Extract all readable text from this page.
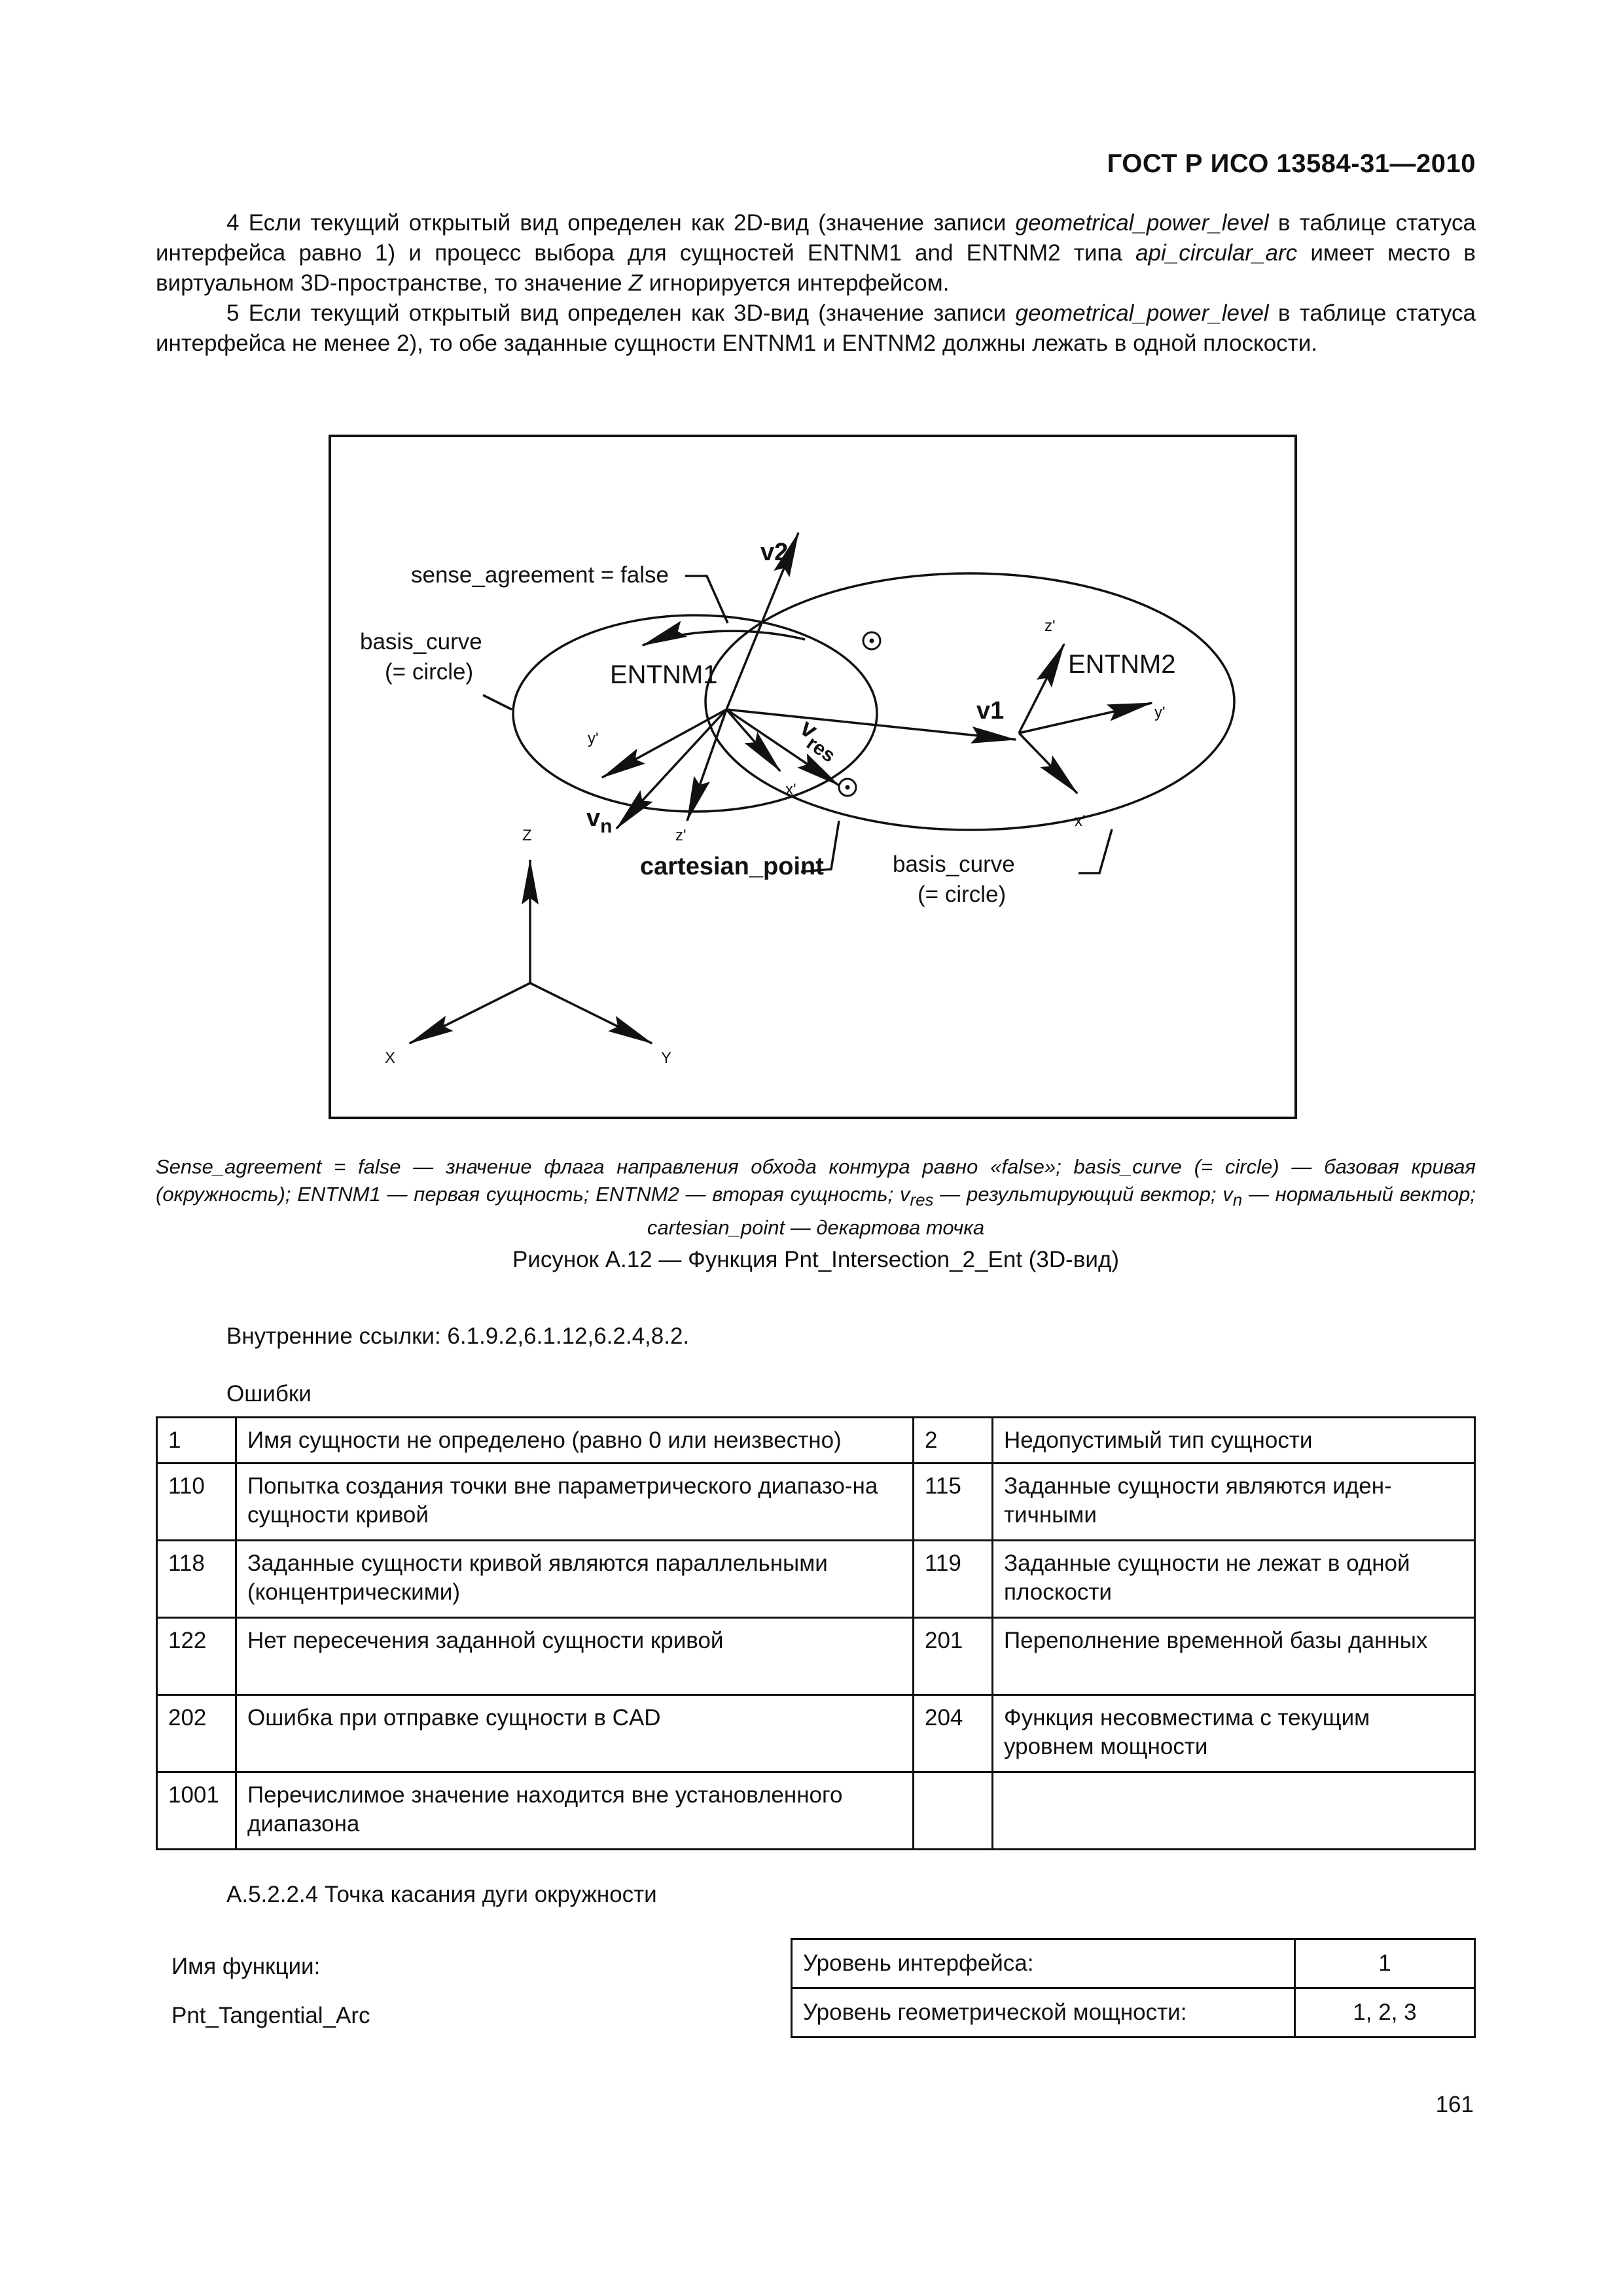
ГОСТ Р ИСО 13584-31—2010

4 Если текущий открытый вид определен как 2D-вид (значение записи geometrical_power_level в таблице статуса интерфейса равно 1) и процесс выбора для сущностей ENTNM1 and ENTNM2 типа api_circular_arc имеет место в виртуальном 3D-пространстве, то значение Z игнорируется интерфейсом.

5 Если текущий открытый вид определен как 3D-вид (значение записи geometrical_power_level в таблице статуса интерфейса не менее 2), то обе заданные сущности ENTNM1 и ENTNM2 должны лежать в одной плоскости.

sense_agreement = false
basis_curve
(= circle)	ENTNM1	ENTNM2
v2
v1
$v_{res}$
$v_n$
cartesian_point	basis_curve
(= circle)
y'
x'
z'
z'
y'
x'
Z
X	Y
Sense_agreement = false — значение флага направления обхода контура равно «false»; basis_curve (= circle) — базовая кривая (окружность); ENTNM1 — первая сущность; ENTNM2 — вторая сущность; $v_{res}$ — результирующий вектор; $v_n$ — нормальный вектор; cartesian_point — декартова точка
Рисунок A.12 — Функция Pnt_Intersection_2_Ent (3D-вид)
Внутренние ссылки: 6.1.9.2,6.1.12,6.2.4,8.2.
Ошибки
1	Имя сущности не определено (равно 0 или неизвестно)	2	Недопустимый тип сущности
110	Попытка создания точки вне параметрического диапазо-на сущности кривой	115	Заданные сущности являются иден-тичными
118	Заданные сущности кривой являются параллельными (концентрическими)	119	Заданные сущности не лежат в одной плоскости
122	Нет пересечения заданной сущности кривой	201	Переполнение временной базы данных
202	Ошибка при отправке сущности в CAD	204	Функция несовместима с текущим уровнем мощности
1001	Перечислимое значение находится вне установленного диапазона		
A.5.2.2.4 Точка касания дуги окружности
Имя функции:
Pnt_Tangential_Arc
Уровень интерфейса:	1
Уровень геометрической мощности:	1, 2, 3
161
